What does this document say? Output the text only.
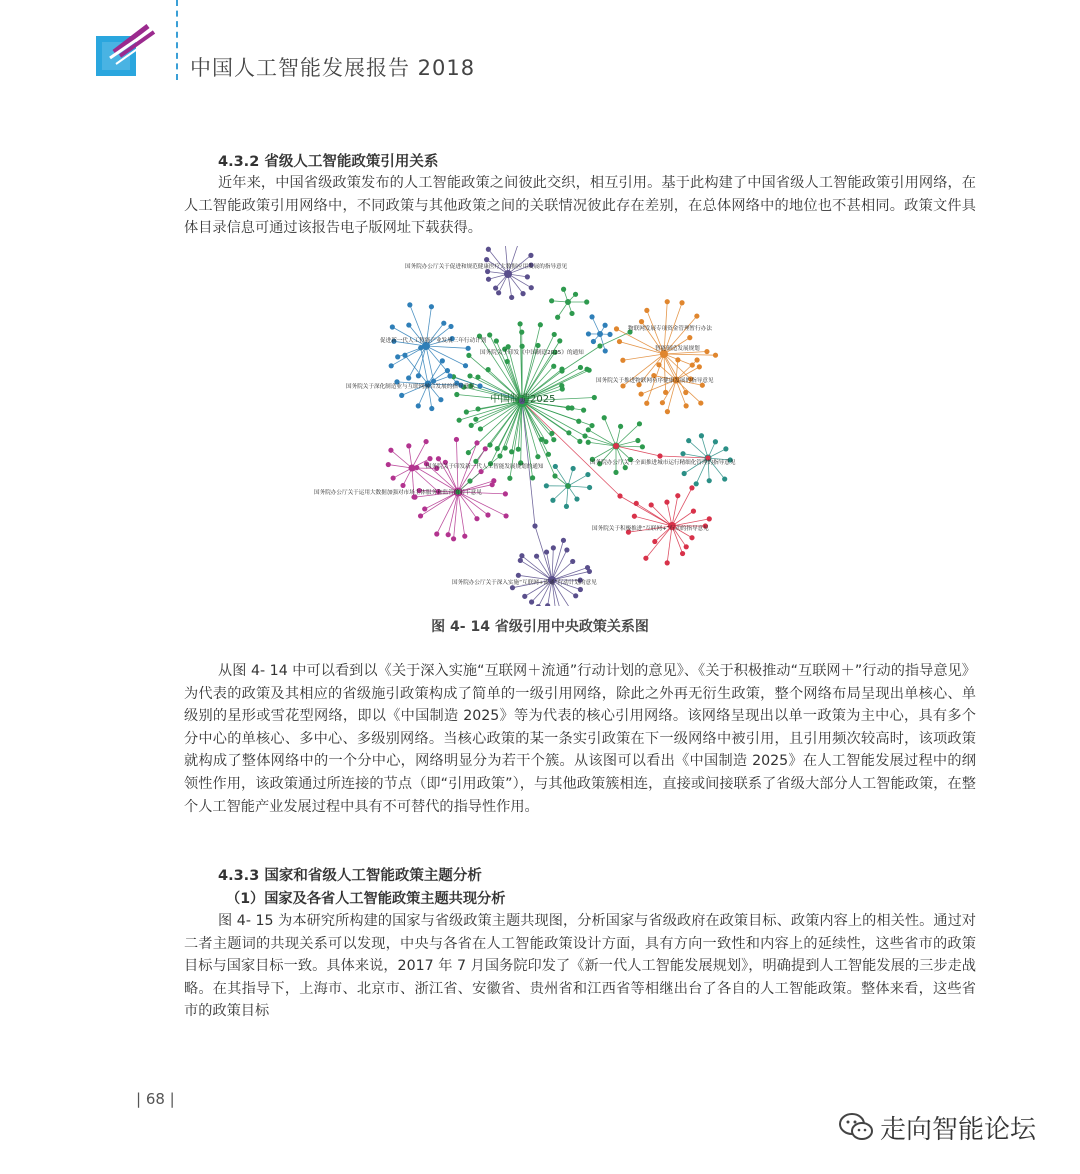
中国人工智能发展报告 2018
4.3.2 省级人工智能政策引用关系

近年来，中国省级政策发布的人工智能政策之间彼此交织，相互引用。基于此构建了中国省级人工智能政策引用网络，在人工智能政策引用网络中，不同政策与其他政策之间的关联情况彼此存在差别，在总体网络中的地位也不甚相同。政策文件具体目录信息可通过该报告电子版网址下载获得。

国务院办公厅关于促进和规范健康医疗大数据应用发展的指导意见
物联网发展专项资金管理暂行办法
国务院关于印发《中国制造2025》的通知
智能制造发展规划
促进新一代人工智能产业发展三年行动计划
国务院关于深化制造业与互联网融合发展的指导意见
国务院关于推进物联网有序健康发展的指导意见
中国制造2025
国务院关于印发新一代人工智能发展规划的通知
国务院办公厅关于全面推进城市运行精细化管理的指导意见
国务院办公厅关于运用大数据加强对市场主体服务和监管的若干意见
国务院关于积极推进“互联网+”行动的指导意见
国务院办公厅关于深入实施“互联网+流通”行动计划的意见
图 4- 14 省级引用中央政策关系图

从图 4- 14 中可以看到以《关于深入实施“互联网＋流通”行动计划的意见》、《关于积极推动“互联网＋”行动的指导意见》为代表的政策及其相应的省级施引政策构成了简单的一级引用网络，除此之外再无衍生政策，整个网络布局呈现出单核心、单级别的星形或雪花型网络，即以《中国制造 2025》等为代表的核心引用网络。该网络呈现出以单一政策为主中心，具有多个分中心的单核心、多中心、多级别网络。当核心政策的某一条实引政策在下一级网络中被引用，且引用频次较高时，该项政策就构成了整体网络中的一个分中心，网络明显分为若干个簇。从该图可以看出《中国制造 2025》在人工智能发展过程中的纲领性作用，该政策通过所连接的节点（即“引用政策”），与其他政策簇相连，直接或间接联系了省级大部分人工智能政策，在整个人工智能产业发展过程中具有不可替代的指导性作用。

4.3.3 国家和省级人工智能政策主题分析
（1）国家及各省人工智能政策主题共现分析

图 4- 15 为本研究所构建的国家与省级政策主题共现图，分析国家与省级政府在政策目标、政策内容上的相关性。通过对二者主题词的共现关系可以发现，中央与各省在人工智能政策设计方面，具有方向一致性和内容上的延续性，这些省市的政策目标与国家目标一致。具体来说，2017 年 7 月国务院印发了《新一代人工智能发展规划》，明确提到人工智能发展的三步走战略。在其指导下，上海市、北京市、浙江省、安徽省、贵州省和江西省等相继出台了各自的人工智能政策。整体来看，这些省市的政策目标

| 68 |
走向智能论坛
